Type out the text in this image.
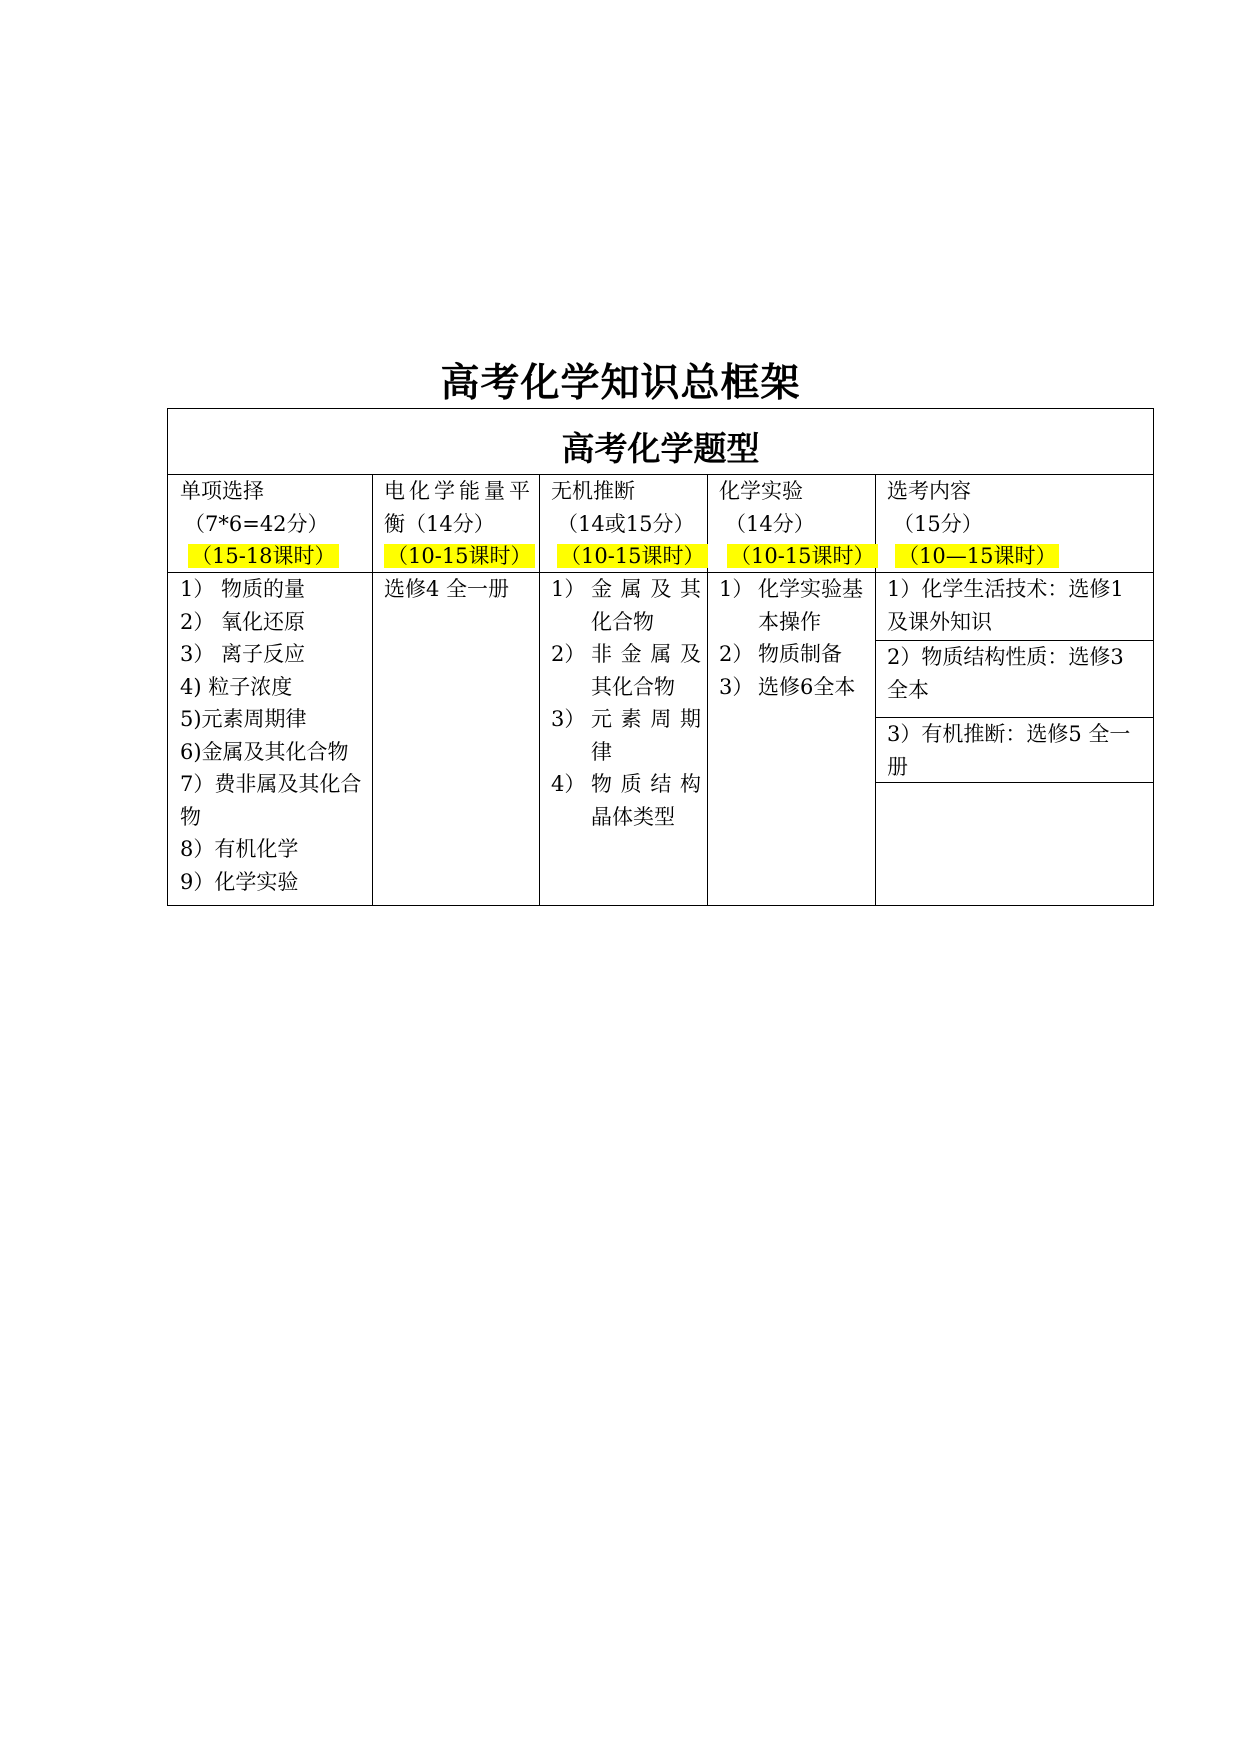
高考化学知识总框架
高考化学题型
单项选择
（7*6=42分）
（15-18课时）
电 化 学 能 量 平
衡（14分）
（10-15课时）
无机推断
（14或15分）
（10-15课时）
化学实验
（14分）
（10-15课时）
选考内容
（15分）
（10—15课时）
1） 物质的量
2） 氧化还原
3） 离子反应
4) 粒子浓度
5)元素周期律
6)金属及其化合物
7）费非属及其化合
物
8）有机化学
9）化学实验
选修4 全一册 1） 金 属 及 其
化合物
2） 非 金 属 及
其化合物
3） 元 素 周 期
律
4） 物 质 结 构
晶体类型
1） 化学实验基
本操作
2） 物质制备
3） 选修6全本
1）化学生活技术：选修1
及课外知识
2）物质结构性质：选修3
全本
3）有机推断：选修5 全一
册
